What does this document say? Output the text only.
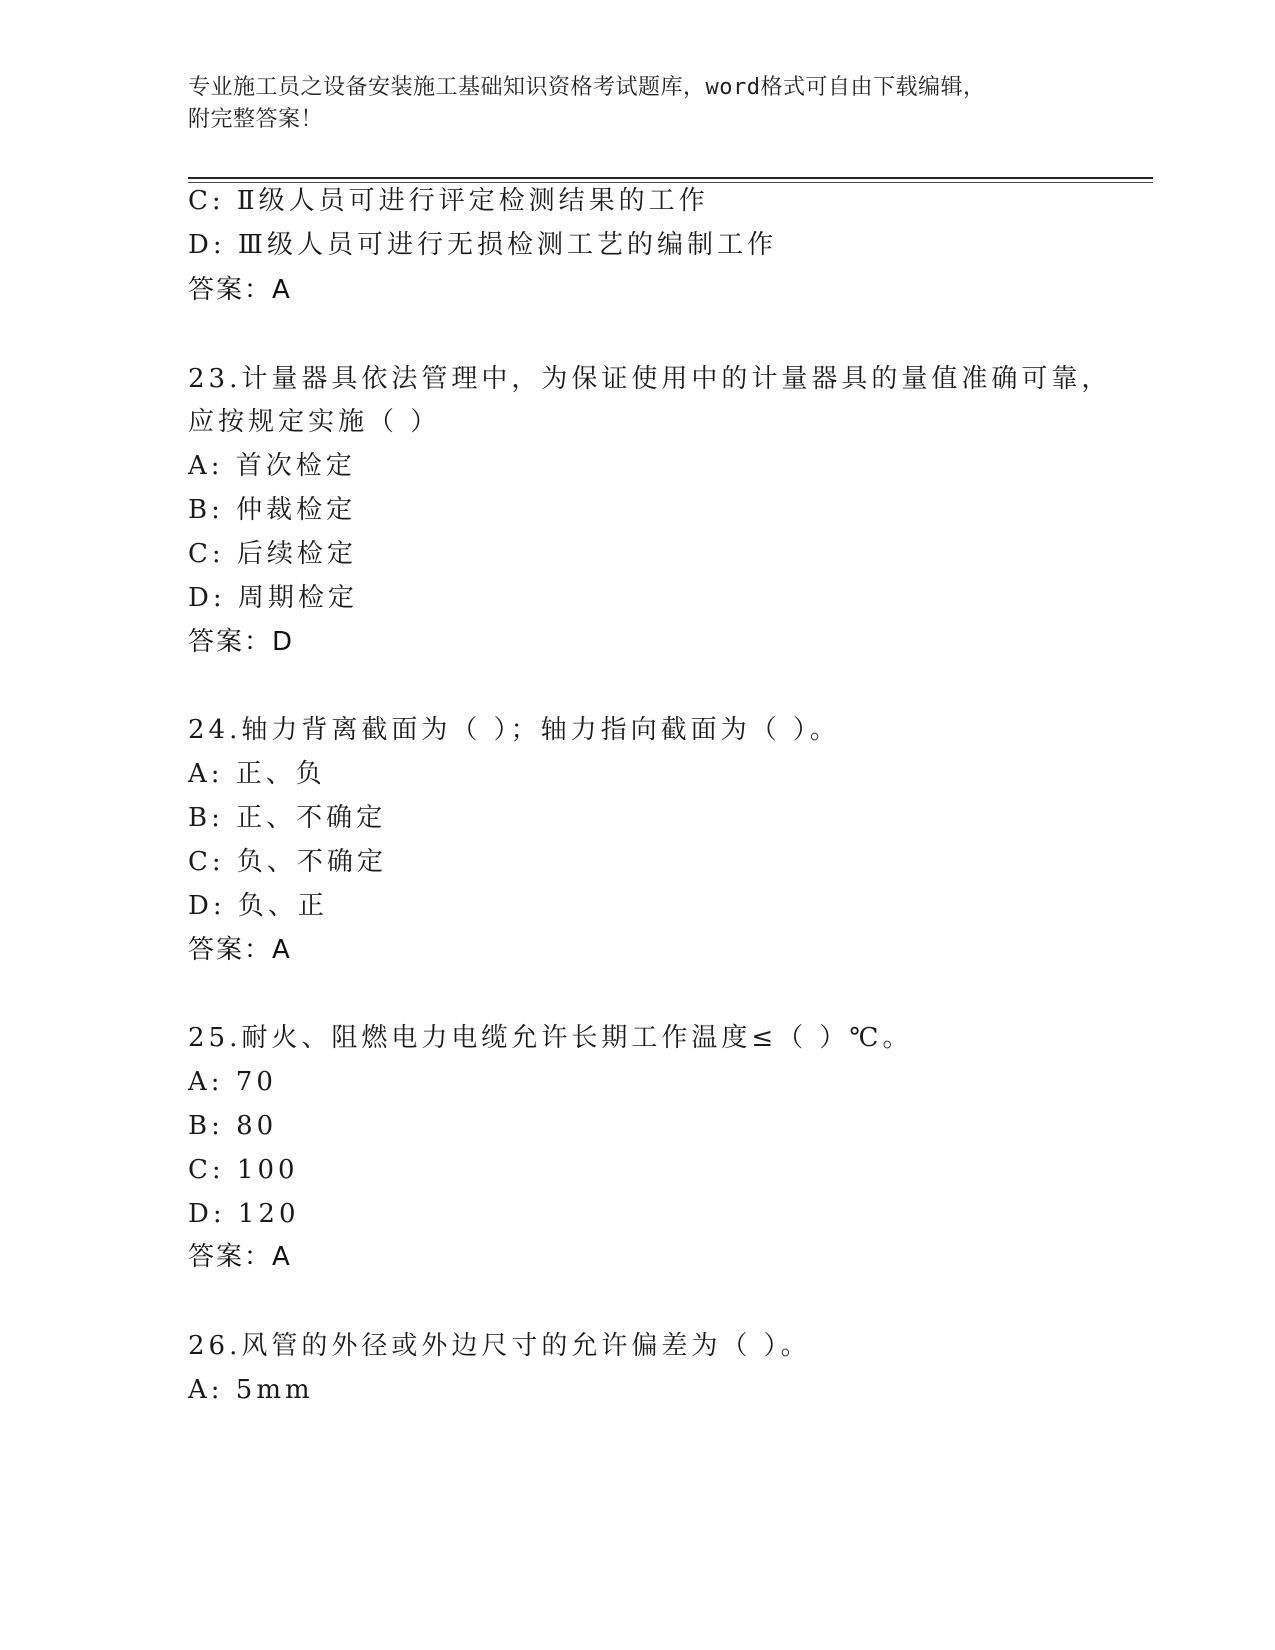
专业施工员之设备安装施工基础知识资格考试题库，word格式可自由下载编辑，
附完整答案！
C: Ⅱ级人员可进行评定检测结果的工作
D: Ⅲ级人员可进行无损检测工艺的编制工作
答案：A
23.计量器具依法管理中，为保证使用中的计量器具的量值准确可靠，
应按规定实施（ ）
A: 首次检定
B: 仲裁检定
C: 后续检定
D: 周期检定
答案：D
24.轴力背离截面为（ ）；轴力指向截面为（ ）。
A: 正、负
B: 正、不确定
C: 负、不确定
D: 负、正
答案：A
25.耐火、阻燃电力电缆允许长期工作温度≤（ ）℃。
A: 70
B: 80
C: 100
D: 120
答案：A
26.风管的外径或外边尺寸的允许偏差为（ ）。
A: 5mm
